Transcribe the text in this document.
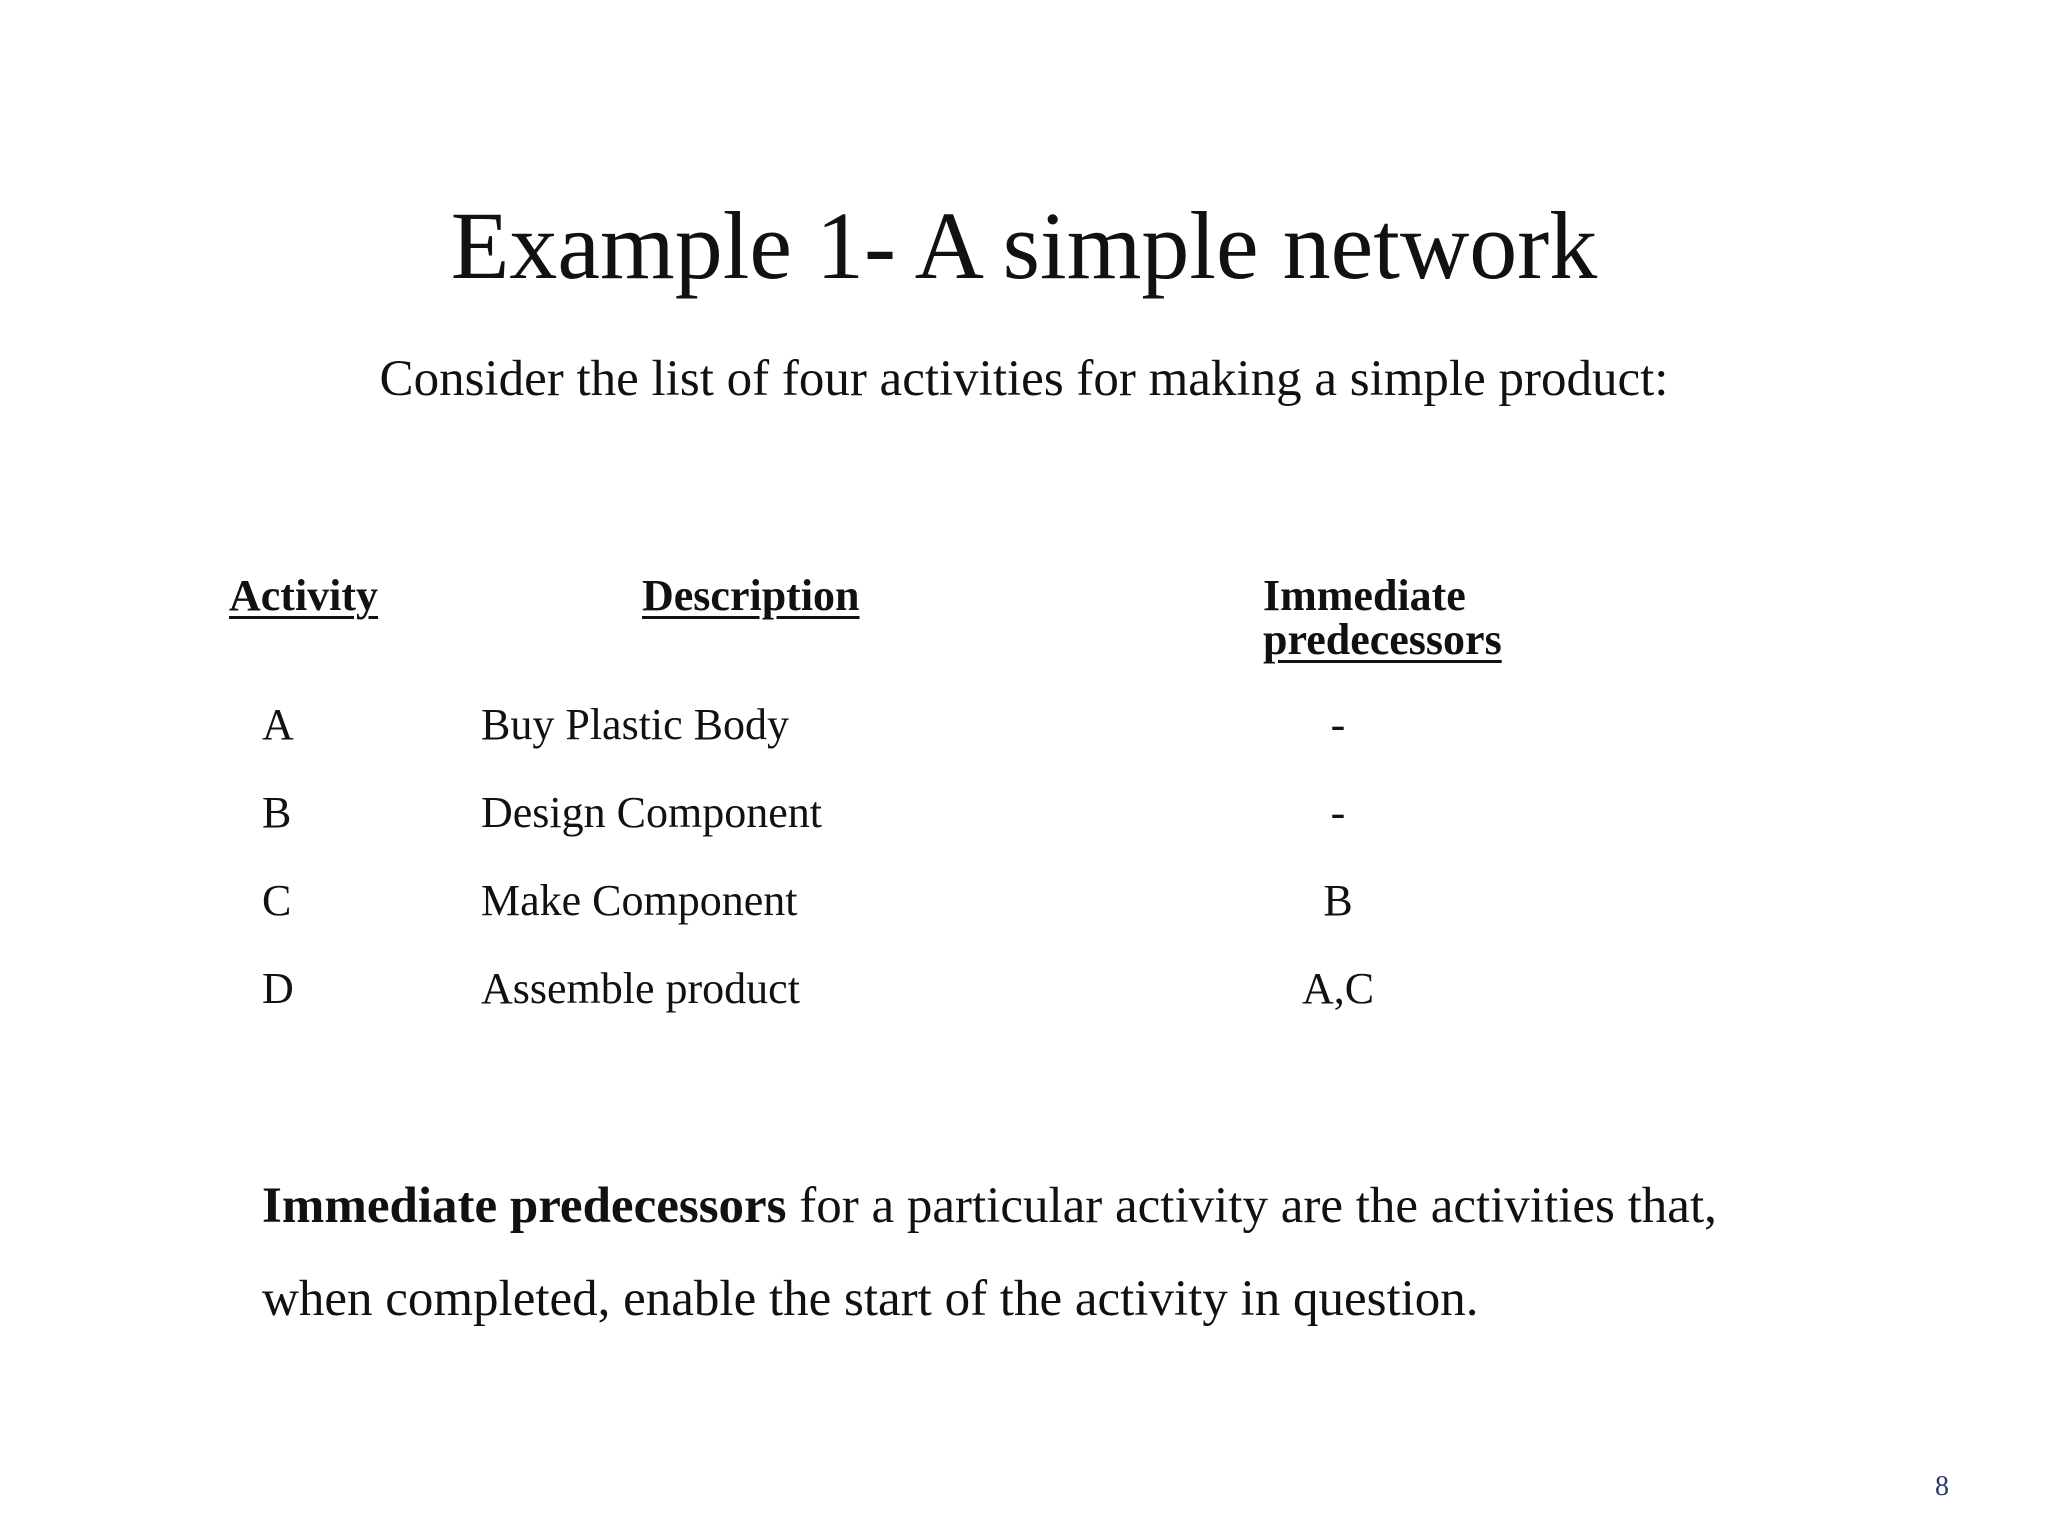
Example 1- A simple network
Consider the list of four activities for making a simple product:
Activity	Description	Immediate
predecessors
A	Buy Plastic Body	-
B	Design Component	-
C	Make Component	B
D	Assemble product	A,C
Immediate predecessors for a particular activity are the activities that, when completed, enable the start of the activity in question.
8
